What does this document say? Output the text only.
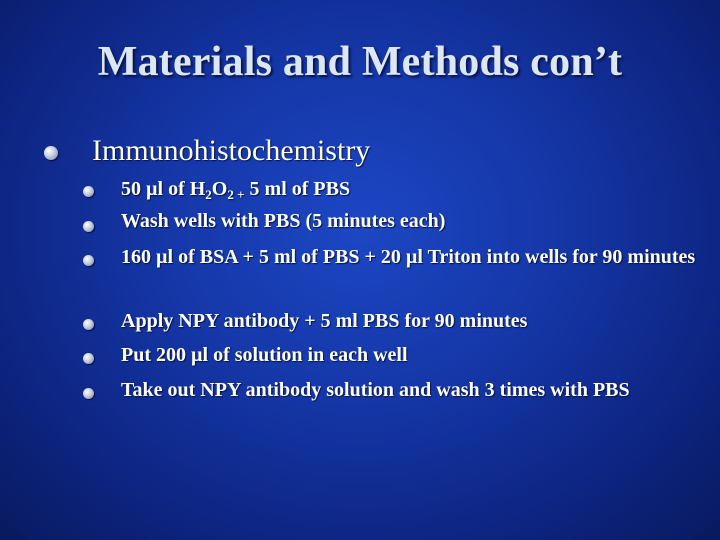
Materials and Methods con’t
Immunohistochemistry
50 µl of $H_2O_{2 +}$ 5 ml of PBS
Wash wells with PBS (5 minutes each)
160 µl of BSA + 5 ml of PBS + 20 µl Triton into wells for 90 minutes
Apply NPY antibody + 5 ml PBS for 90 minutes
Put 200 µl of solution in each well
Take out NPY antibody solution and wash 3 times with PBS
